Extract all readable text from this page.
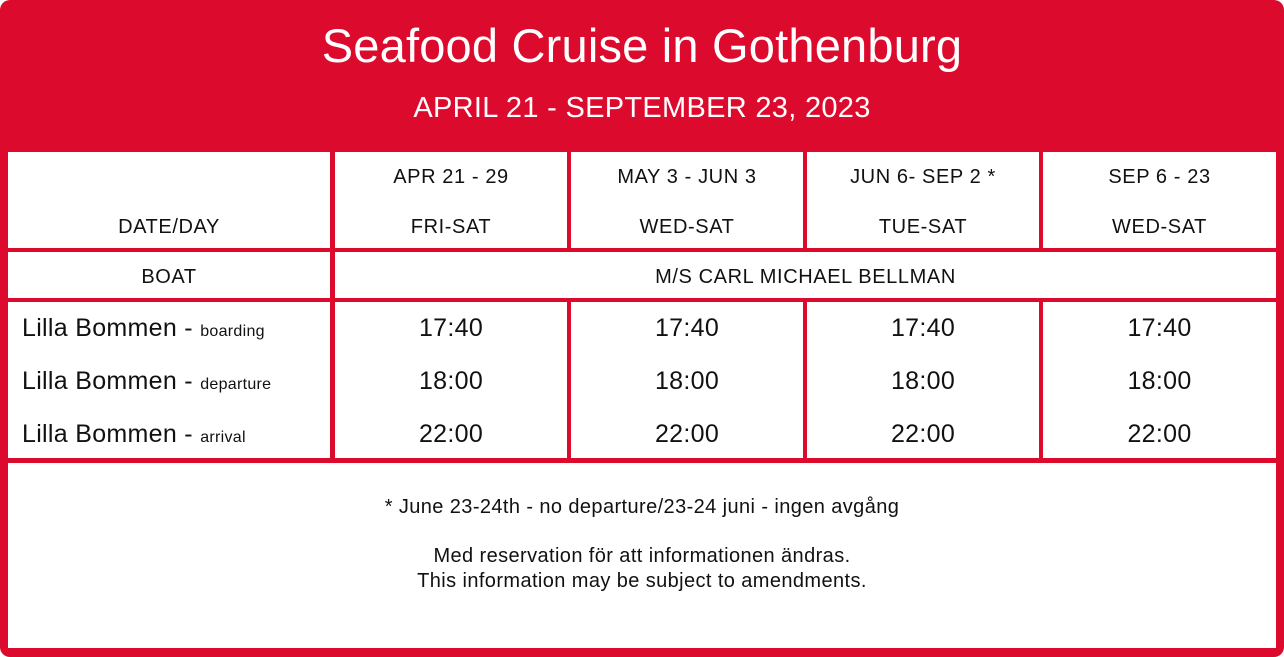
Seafood Cruise in Gothenburg
APRIL 21 - SEPTEMBER 23, 2023
DATE/DAY
APR 21 - 29
FRI-SAT
MAY 3 - JUN 3
WED-SAT
JUN 6- SEP 2 *
TUE-SAT
SEP 6 - 23
WED-SAT
BOAT	M/S CARL MICHAEL BELLMAN
Lilla Bommen - boarding
Lilla Bommen - departure
Lilla Bommen - arrival
17:40
18:00
22:00
17:40
18:00
22:00
17:40
18:00
22:00
17:40
18:00
22:00
* June 23-24th - no departure/23-24 juni - ingen avgång
Med reservation för att informationen ändras.
This information may be subject to amendments.
